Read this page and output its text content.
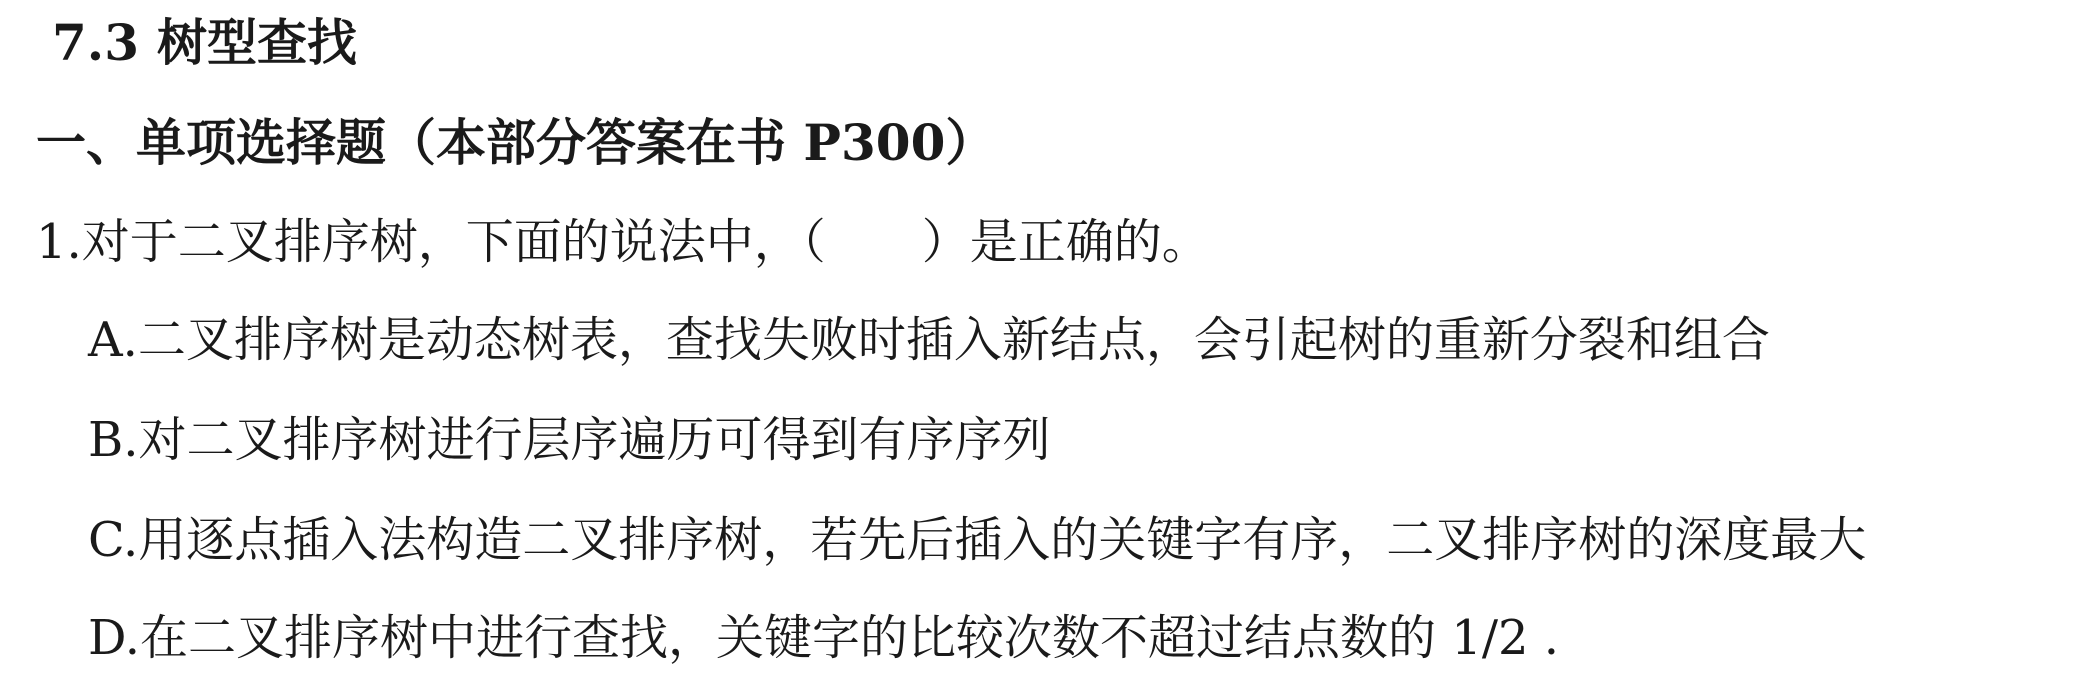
7.3 树型查找
一、单项选择题（本部分答案在书 P300）
1.对于二叉排序树，下面的说法中，（　　）是正确的。
A.二叉排序树是动态树表，查找失败时插入新结点，会引起树的重新分裂和组合
B.对二叉排序树进行层序遍历可得到有序序列
C.用逐点插入法构造二叉排序树，若先后插入的关键字有序，二叉排序树的深度最大
D.在二叉排序树中进行查找，关键字的比较次数不超过结点数的 1/2 .
